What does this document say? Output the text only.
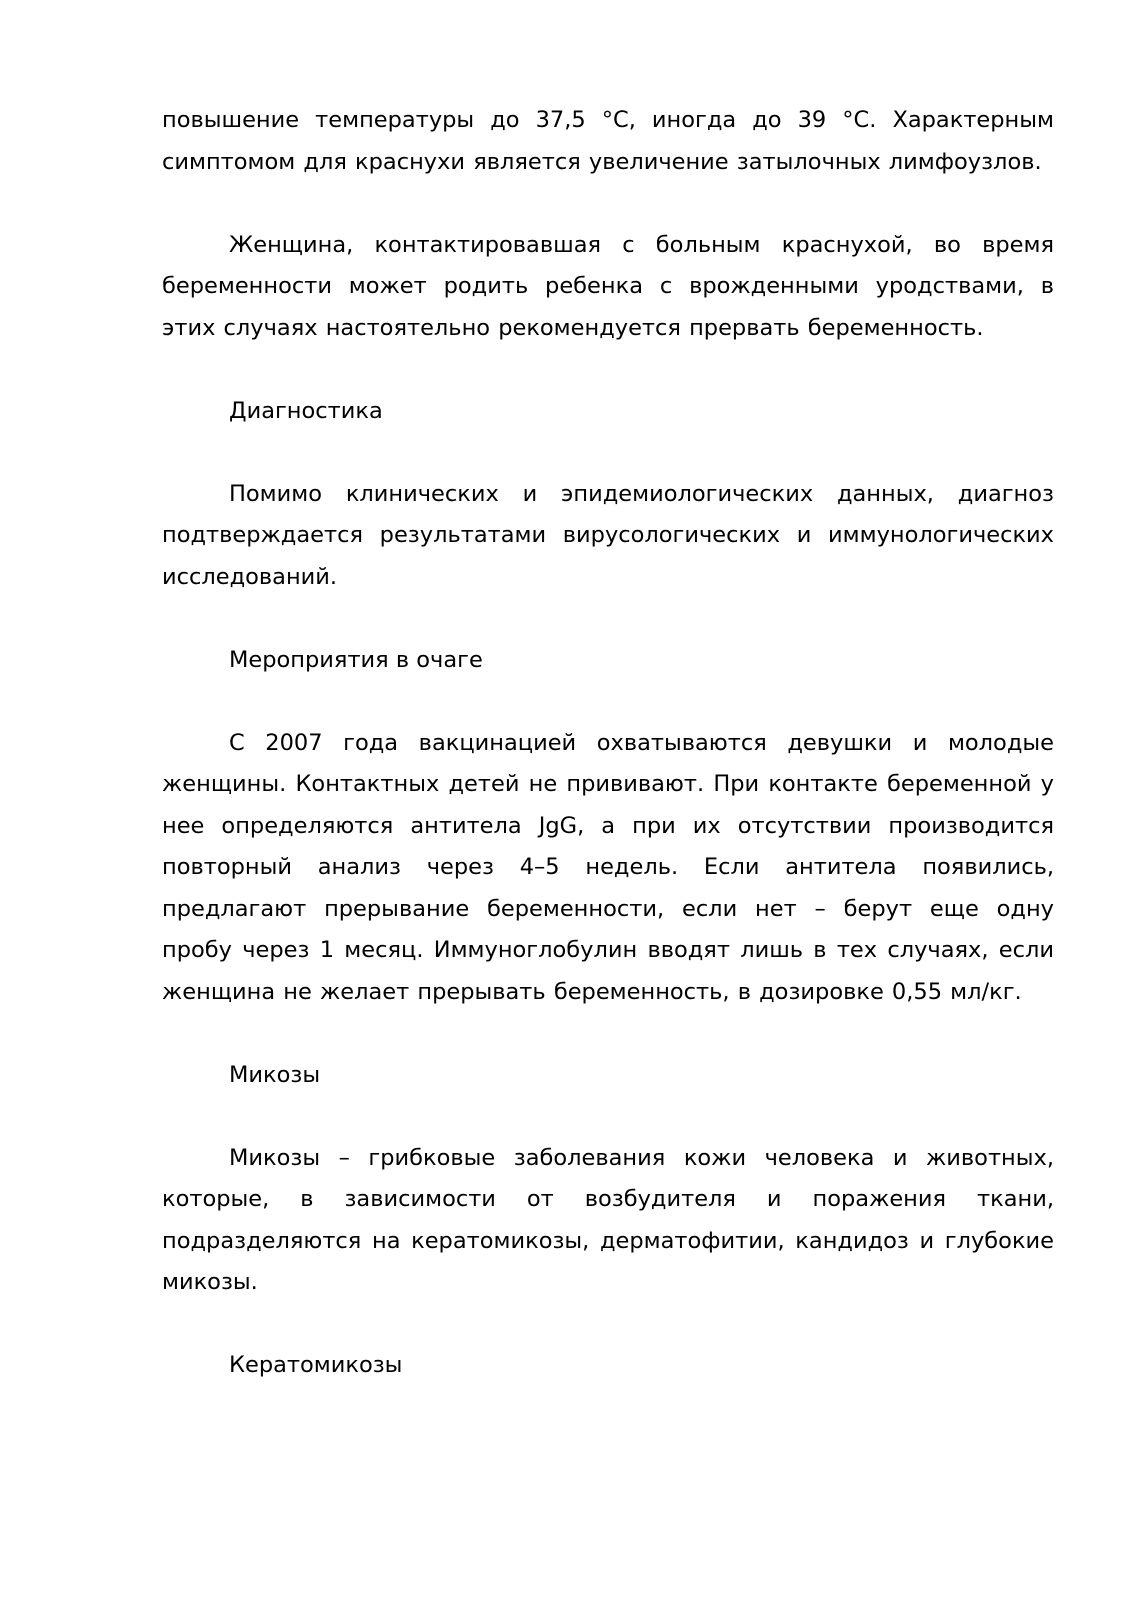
повышение температуры до 37,5 °С, иногда до 39 °С. Характерным симптомом для краснухи является увеличение затылочных лимфоузлов.

Женщина, контактировавшая с больным краснухой, во время беременности может родить ребенка с врожденными уродствами, в этих случаях настоятельно рекомендуется прервать беременность.

Диагностика

Помимо клинических и эпидемиологических данных, диагноз подтверждается результатами вирусологических и иммунологических исследований.

Мероприятия в очаге

С 2007 года вакцинацией охватываются девушки и молодые женщины. Контактных детей не прививают. При контакте беременной у нее определяются антитела JgG, а при их отсутствии производится повторный анализ через 4–5 недель. Если антитела появились, предлагают прерывание беременности, если нет – берут еще одну пробу через 1 месяц. Иммуноглобулин вводят лишь в тех случаях, если женщина не желает прерывать беременность, в дозировке 0,55 мл/кг.

Микозы

Микозы – грибковые заболевания кожи человека и животных, которые, в зависимости от возбудителя и поражения ткани, подразделяются на кератомикозы, дерматофитии, кандидоз и глубокие микозы.

Кератомикозы
